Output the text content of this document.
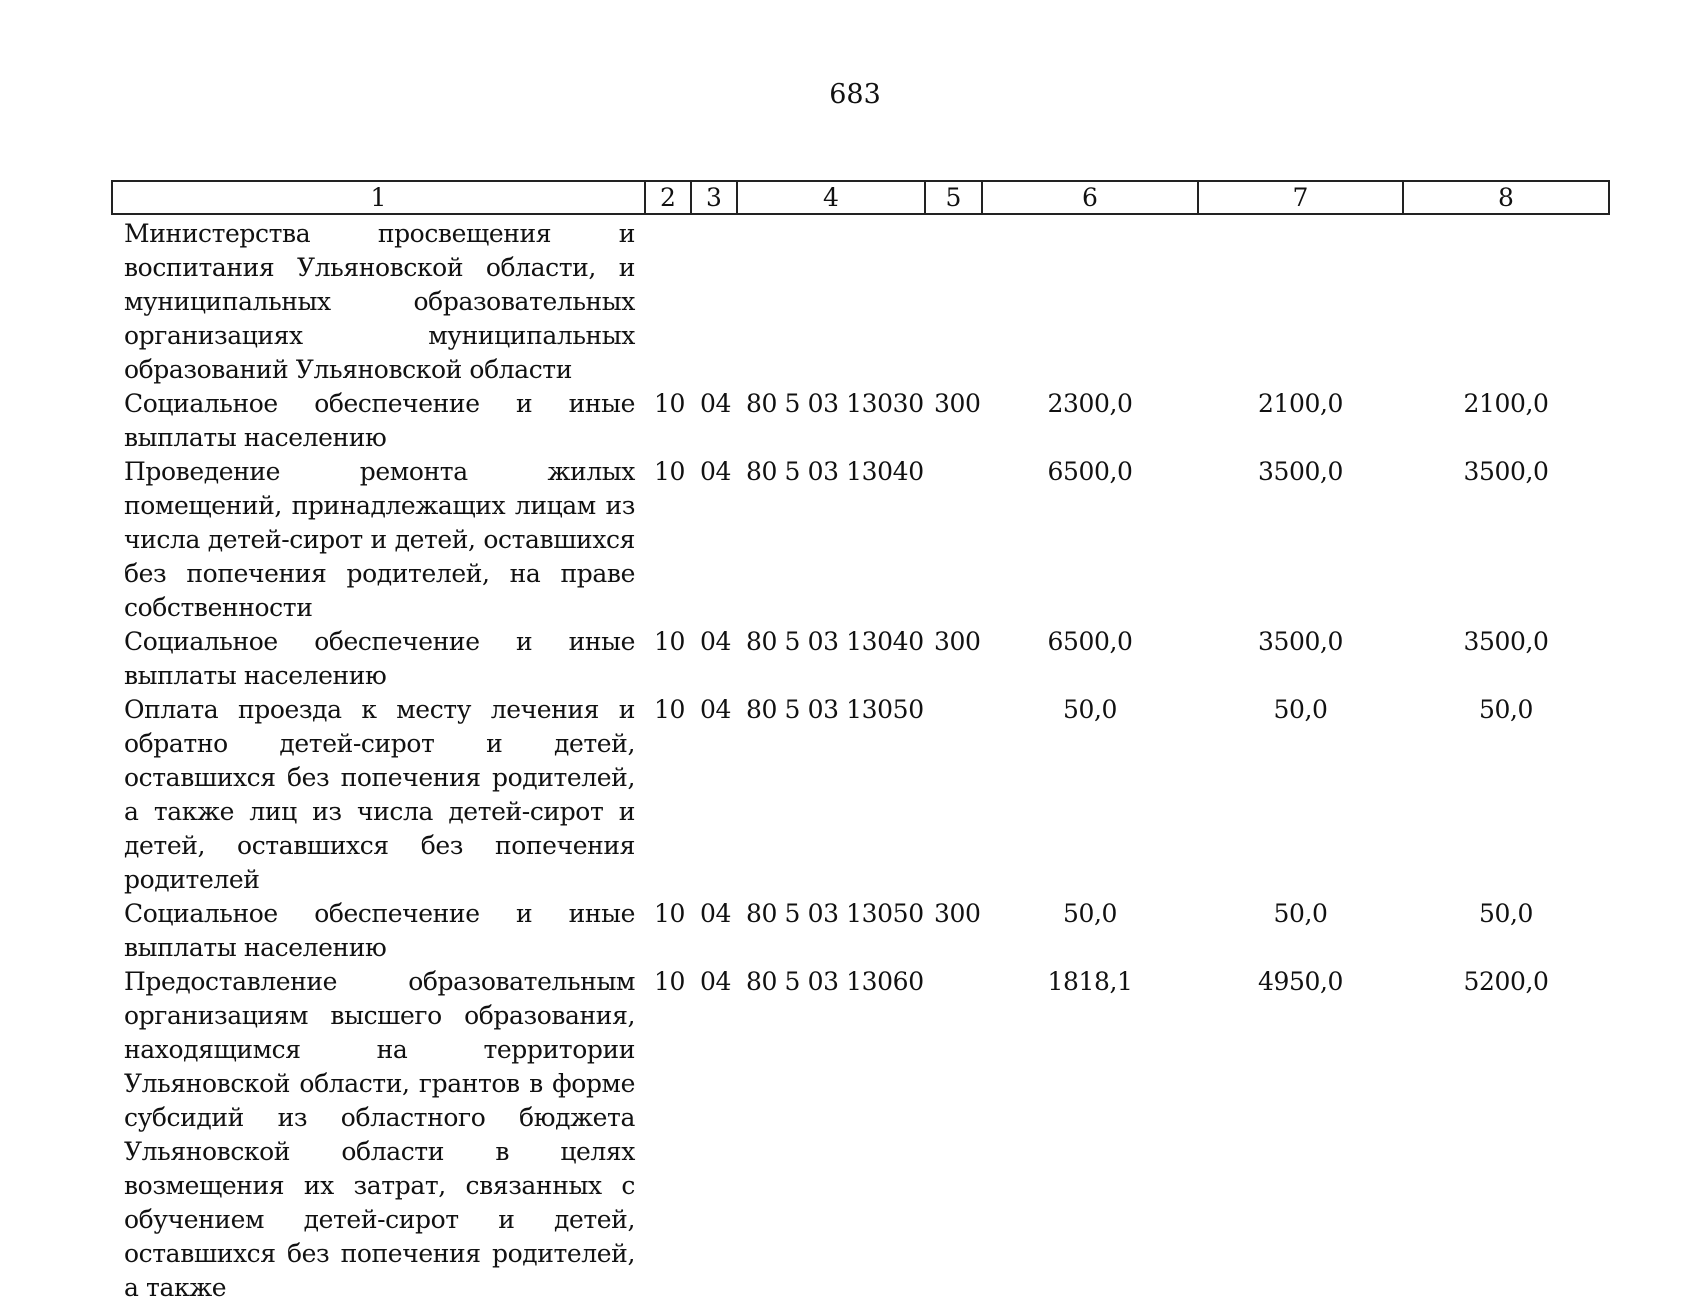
683
1	2	3	4	5	6	7	8
Министерства просвещения и воспитания Ульяновской области, и муниципальных образовательных организациях муниципальных образований Ульяновской области							
Социальное обеспечение и иные выплаты населению	10	04	80 5 03 13030	300	2300,0	2100,0	2100,0
Проведение ремонта жилых помещений, принадлежащих лицам из числа детей-сирот и детей, оставшихся без попечения родителей, на праве собственности	10	04	80 5 03 13040		6500,0	3500,0	3500,0
Социальное обеспечение и иные выплаты населению	10	04	80 5 03 13040	300	6500,0	3500,0	3500,0
Оплата проезда к месту лечения и обратно детей-сирот и детей, оставшихся без попечения родителей, а также лиц из числа детей-сирот и детей, оставшихся без попечения родителей	10	04	80 5 03 13050		50,0	50,0	50,0
Социальное обеспечение и иные выплаты населению	10	04	80 5 03 13050	300	50,0	50,0	50,0
Предоставление образовательным организациям высшего образования, находящимся на территории Ульяновской области, грантов в форме субсидий из областного бюджета Ульяновской области в целях возмещения их затрат, связанных с обучением детей-сирот и детей, оставшихся без попечения родителей, а также	10	04	80 5 03 13060		1818,1	4950,0	5200,0
